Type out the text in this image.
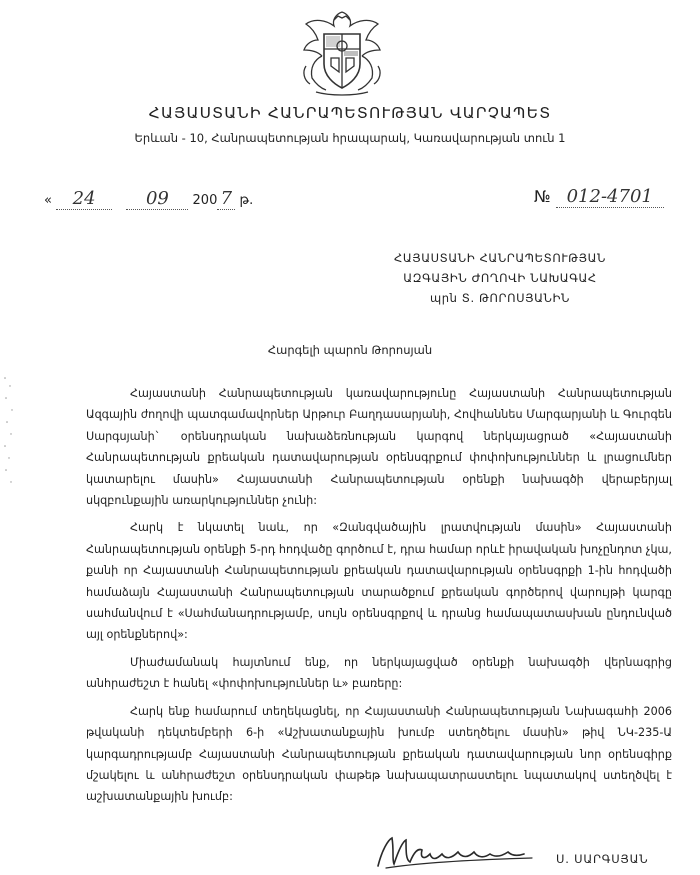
ՀԱՅԱՍՏԱՆԻ ՀԱՆՐԱՊԵՏՈՒԹՅԱՆ ՎԱՐՉԱՊԵՏ
Երևան - 10, Հանրապետության հրապարակ, Կառավարության տուն 1
« 24	09 200 7 թ.	№ 012-4701
ՀԱՅԱՍՏԱՆԻ ՀԱՆՐԱՊԵՏՈՒԹՅԱՆ
ԱԶԳԱՅԻՆ ԺՈՂՈՎԻ ՆԱԽԱԳԱՀ
պրն Տ. ԹՈՐՈՍՅԱՆԻՆ
Հարգելի պարոն Թորոսյան

Հայաստանի Հանրապետության կառավարությունը Հայաստանի Հանրապետության Ազգային ժողովի պատգամավորներ Արթուր Բաղդասարյանի, Հովհաննես Մարգարյանի և Գուրգեն Սարգսյանի` օրենսդրական նախաձեռնության կարգով ներկայացրած «Հայաստանի Հանրապետության քրեական դատավարության օրենսգրքում փոփոխություններ և լրացումներ կատարելու մասին» Հայաստանի Հանրապետության օրենքի նախագծի վերաբերյալ սկզբունքային առարկություններ չունի:

Հարկ է նկատել նաև, որ «Զանգվածային լրատվության մասին» Հայաստանի Հանրապետության օրենքի 5-րդ հոդվածը գործում է, դրա համար որևէ իրավական խոչընդոտ չկա, քանի որ Հայաստանի Հանրապետության քրեական դատավարության օրենսգրքի 1-ին հոդվածի համաձայն Հայաստանի Հանրապետության տարածքում քրեական գործերով վարույթի կարգը սահմանվում է «Սահմանադրությամբ, սույն օրենսգրքով և դրանց համապատասխան ընդունված այլ օրենքներով»:

Միաժամանակ հայտնում ենք, որ ներկայացված օրենքի նախագծի վերնագրից անհրաժեշտ է հանել «փոփոխություններ և» բառերը:

Հարկ ենք համարում տեղեկացնել, որ Հայաստանի Հանրապետության Նախագահի 2006 թվականի դեկտեմբերի 6-ի «Աշխատանքային խումբ ստեղծելու մասին» թիվ ՆԿ-235-Ա կարգադրությամբ Հայաստանի Հանրապետության քրեական դատավարության նոր օրենսգիրք մշակելու և անհրաժեշտ օրենսդրական փաթեթ նախապատրաստելու նպատակով ստեղծվել է աշխատանքային խումբ:

Ս. ՍԱՐԳՍՅԱՆ
